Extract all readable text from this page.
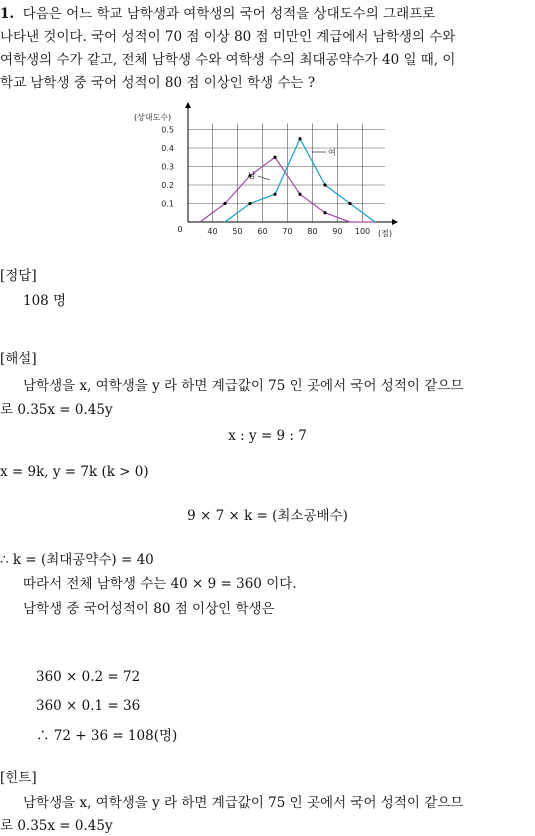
1. 다음은 어느 학교 남학생과 여학생의 국어 성적을 상대도수의 그래프로
나타낸 것이다. 국어 성적이 70 점 이상 80 점 미만인 계급에서 남학생의 수와
여학생의 수가 같고, 전체 남학생 수와 여학생 수의 최대공약수가 40 일 때, 이
학교 남학생 중 국어 성적이 80 점 이상인 학생 수는 ?
0.1
0.2
0.3
0.4
0.5
0	40 50 60 70 80 90 100
(상대도수)
(점)
남
여
[정답]
108 명
[해설]
남학생을 x, 여학생을 y 라 하면 계급값이 75 인 곳에서 국어 성적이 같으므
로 0.35x = 0.45y
x : y = 9 : 7
x = 9k, y = 7k (k > 0)
9 × 7 × k = (최소공배수)
∴ k = (최대공약수) = 40
따라서 전체 남학생 수는 40 × 9 = 360 이다.
남학생 중 국어성적이 80 점 이상인 학생은
360 × 0.2 = 72
360 × 0.1 = 36
∴ 72 + 36 = 108(명)
[힌트]
남학생을 x, 여학생을 y 라 하면 계급값이 75 인 곳에서 국어 성적이 같으므
로 0.35x = 0.45y
